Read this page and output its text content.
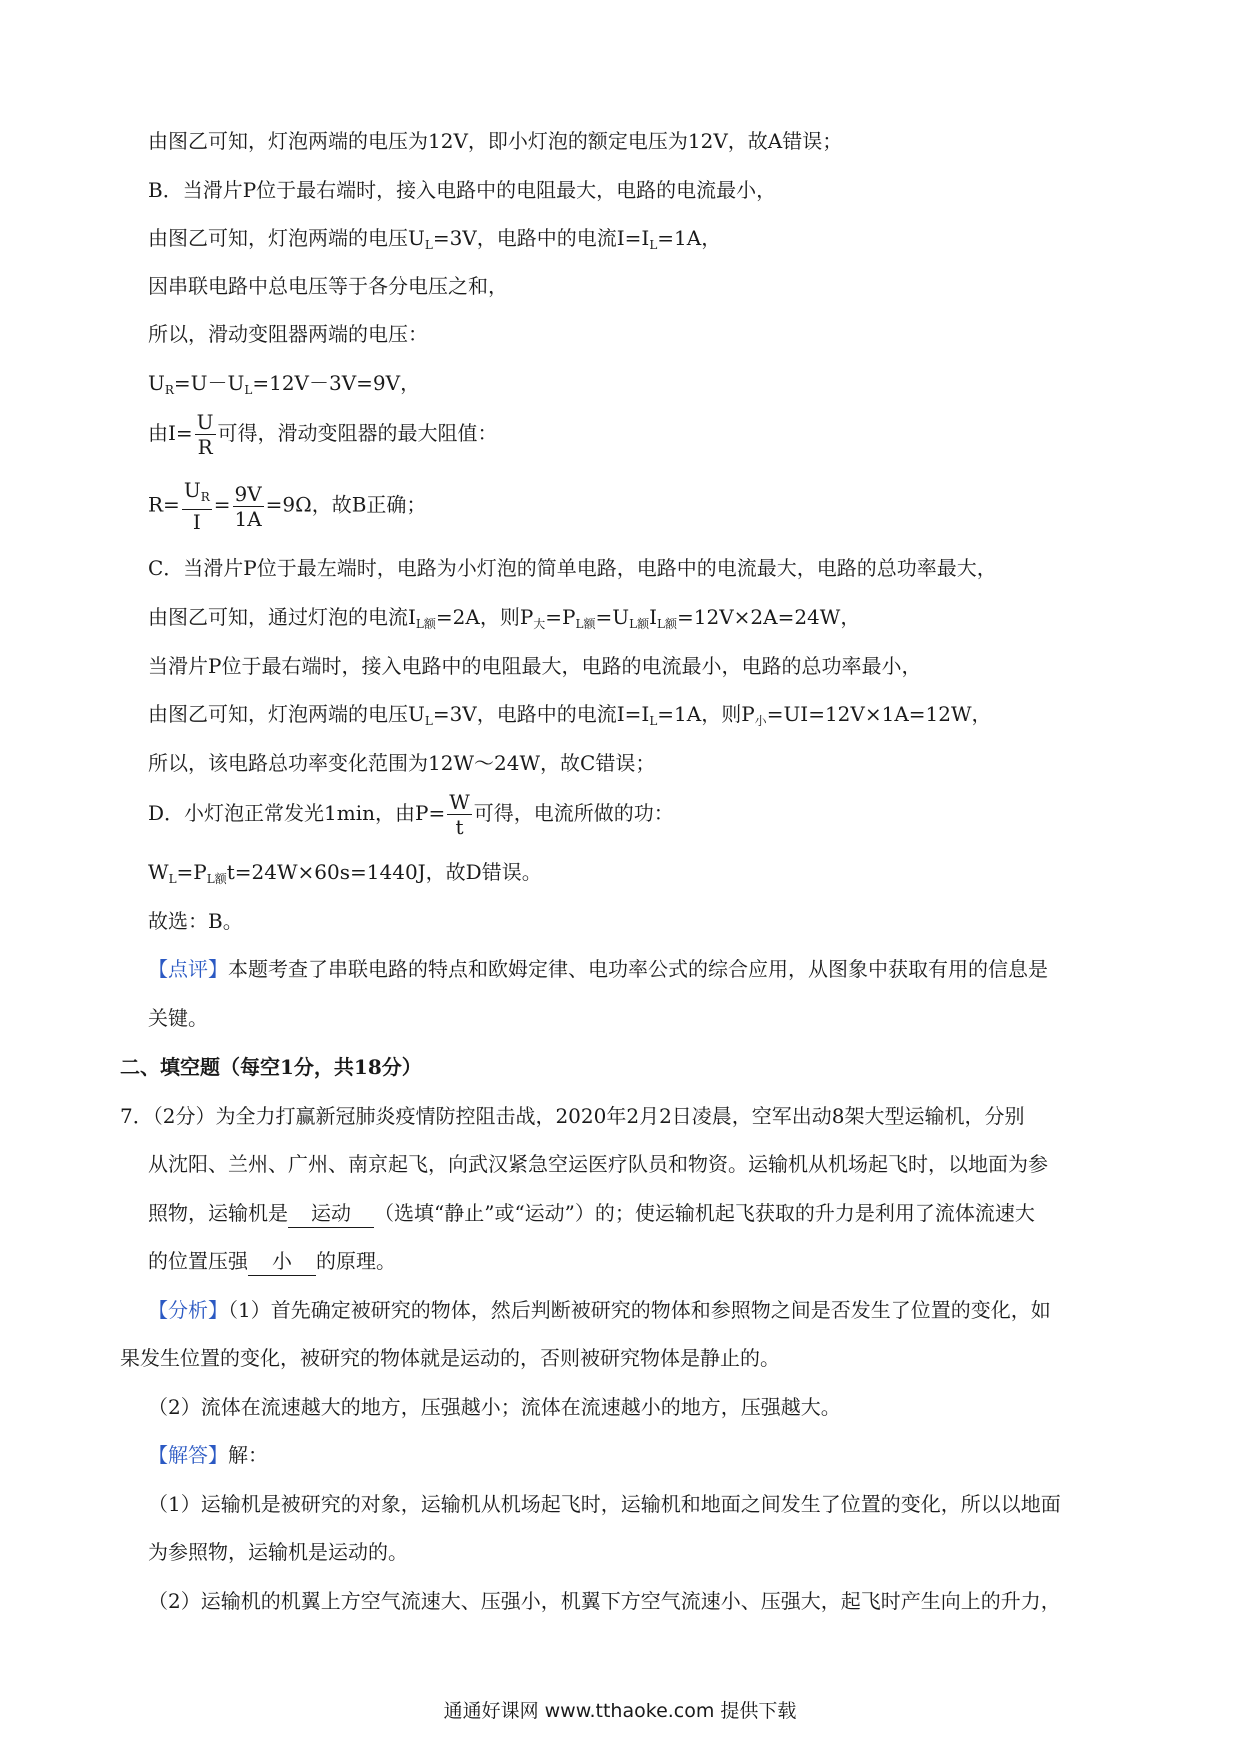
由图乙可知，灯泡两端的电压为12V，即小灯泡的额定电压为12V，故A错误；
B．当滑片P位于最右端时，接入电路中的电阻最大，电路的电流最小，
由图乙可知，灯泡两端的电压$U_L=3V$，电路中的电流$I=I_L=1A$，
因串联电路中总电压等于各分电压之和，
所以，滑动变阻器两端的电压：
$U_R=U-U_L=12V-3V=9V$，
由$I= \frac{U}{R}$ 可得，滑动变阻器的最大阻值：
$R= \frac{U_R}{I} = \frac{9V}{1A} =9\Omega$，故B正确；
C．当滑片P位于最左端时，电路为小灯泡的简单电路，电路中的电流最大，电路的总功率最大，
由图乙可知，通过灯泡的电流$I_{L额}=2A$，则$P_大=P_{L额}=U_{L额}I_{L额}=12V\times 2A=24W$，
当滑片P位于最右端时，接入电路中的电阻最大，电路的电流最小，电路的总功率最小，
由图乙可知，灯泡两端的电压$U_L=3V$，电路中的电流$I=I_L=1A$，则$P_小=UI=12V\times 1A=12W$，
所以，该电路总功率变化范围为12W～24W，故C错误；
D．小灯泡正常发光1min，由$P= \frac{W}{t}$ 可得，电流所做的功：
$W_L=P_{L额}t=24W\times 60s=1440J$，故D错误。
故选：B。
【点评】本题考查了串联电路的特点和欧姆定律、电功率公式的综合应用，从图象中获取有用的信息是
关键。
二、填空题（每空1分，共18分）
7．（2分）为全力打赢新冠肺炎疫情防控阻击战，2020年2月2日凌晨，空军出动8架大型运输机，分别
从沈阳、兰州、广州、南京起飞，向武汉紧急空运医疗队员和物资。运输机从机场起飞时，以地面为参
照物，运输机是 运动 （选填“静止”或“运动”）的；使运输机起飞获取的升力是利用了流体流速大
的位置压强 小 的原理。
【分析】（1）首先确定被研究的物体，然后判断被研究的物体和参照物之间是否发生了位置的变化，如
果发生位置的变化，被研究的物体就是运动的，否则被研究物体是静止的。
（2）流体在流速越大的地方，压强越小；流体在流速越小的地方，压强越大。
【解答】解：
（1）运输机是被研究的对象，运输机从机场起飞时，运输机和地面之间发生了位置的变化，所以以地面
为参照物，运输机是运动的。
（2）运输机的机翼上方空气流速大、压强小，机翼下方空气流速小、压强大，起飞时产生向上的升力，
通通好课网 www.tthaoke.com 提供下载
